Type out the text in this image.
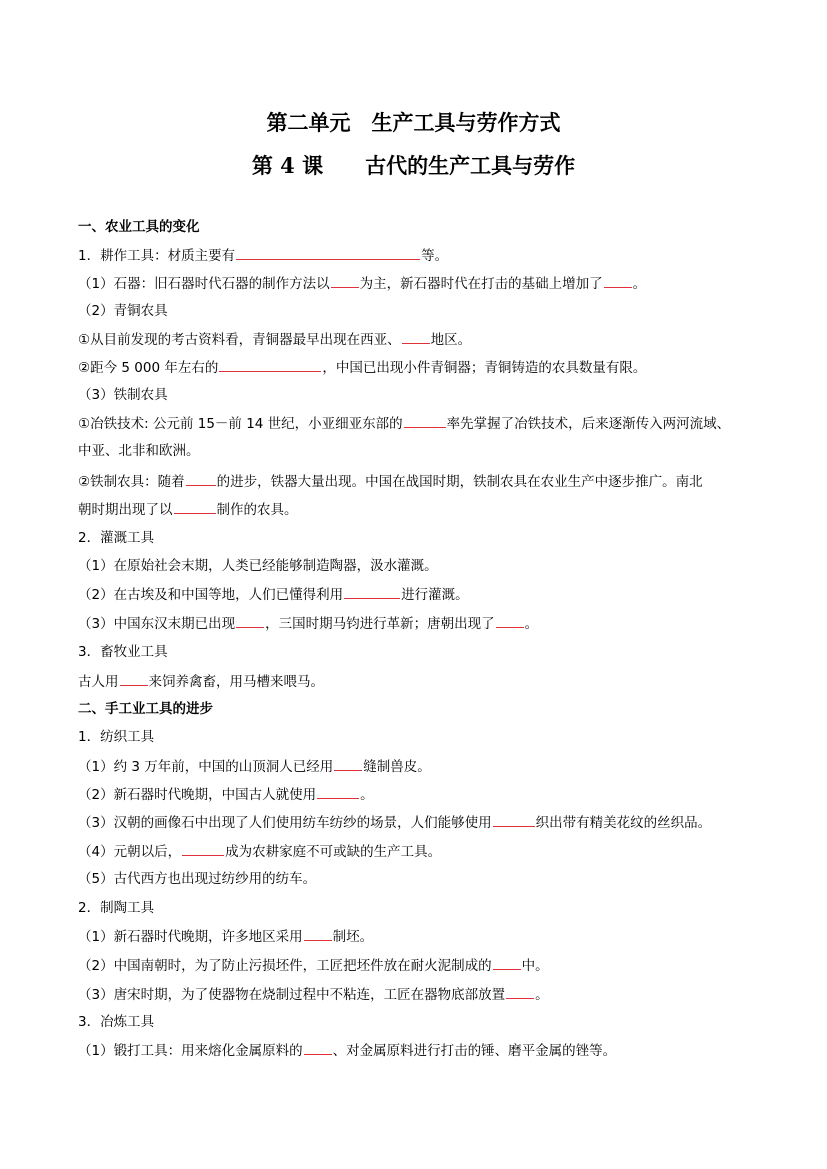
第二单元　生产工具与劳作方式
第 4 课　　古代的生产工具与劳作
一、农业工具的变化
1．耕作工具：材质主要有	等。
（1）石器：旧石器时代石器的制作方法以 为主，新石器时代在打击的基础上增加了 。
（2）青铜农具
①从目前发现的考古资料看，青铜器最早出现在西亚、 地区。
②距今 5 000 年左右的	，中国已出现小件青铜器；青铜铸造的农具数量有限。
（3）铁制农具
①冶铁技术: 公元前 15－前 14 世纪，小亚细亚东部的	率先掌握了冶铁技术，后来逐渐传入两河流域、
中亚、北非和欧洲。
②铁制农具：随着 的进步，铁器大量出现。中国在战国时期，铁制农具在农业生产中逐步推广。南北
朝时期出现了以	制作的农具。
2．灌溉工具
（1）在原始社会末期，人类已经能够制造陶器，汲水灌溉。
（2）在古埃及和中国等地，人们已懂得利用	进行灌溉。
（3）中国东汉末期已出现 ，三国时期马钧进行革新；唐朝出现了 。
3．畜牧业工具
古人用 来饲养禽畜，用马槽来喂马。
二、手工业工具的进步
1．纺织工具
（1）约 3 万年前，中国的山顶洞人已经用 缝制兽皮。
（2）新石器时代晚期，中国古人就使用	。
（3）汉朝的画像石中出现了人们使用纺车纺纱的场景，人们能够使用	织出带有精美花纹的丝织品。
（4）元朝以后，	成为农耕家庭不可或缺的生产工具。
（5）古代西方也出现过纺纱用的纺车。
2．制陶工具
（1）新石器时代晚期，许多地区采用 制坯。
（2）中国南朝时，为了防止污损坯件，工匠把坯件放在耐火泥制成的 中。
（3）唐宋时期，为了使器物在烧制过程中不粘连，工匠在器物底部放置 。
3．冶炼工具
（1）锻打工具：用来熔化金属原料的 、对金属原料进行打击的锤、磨平金属的锉等。
